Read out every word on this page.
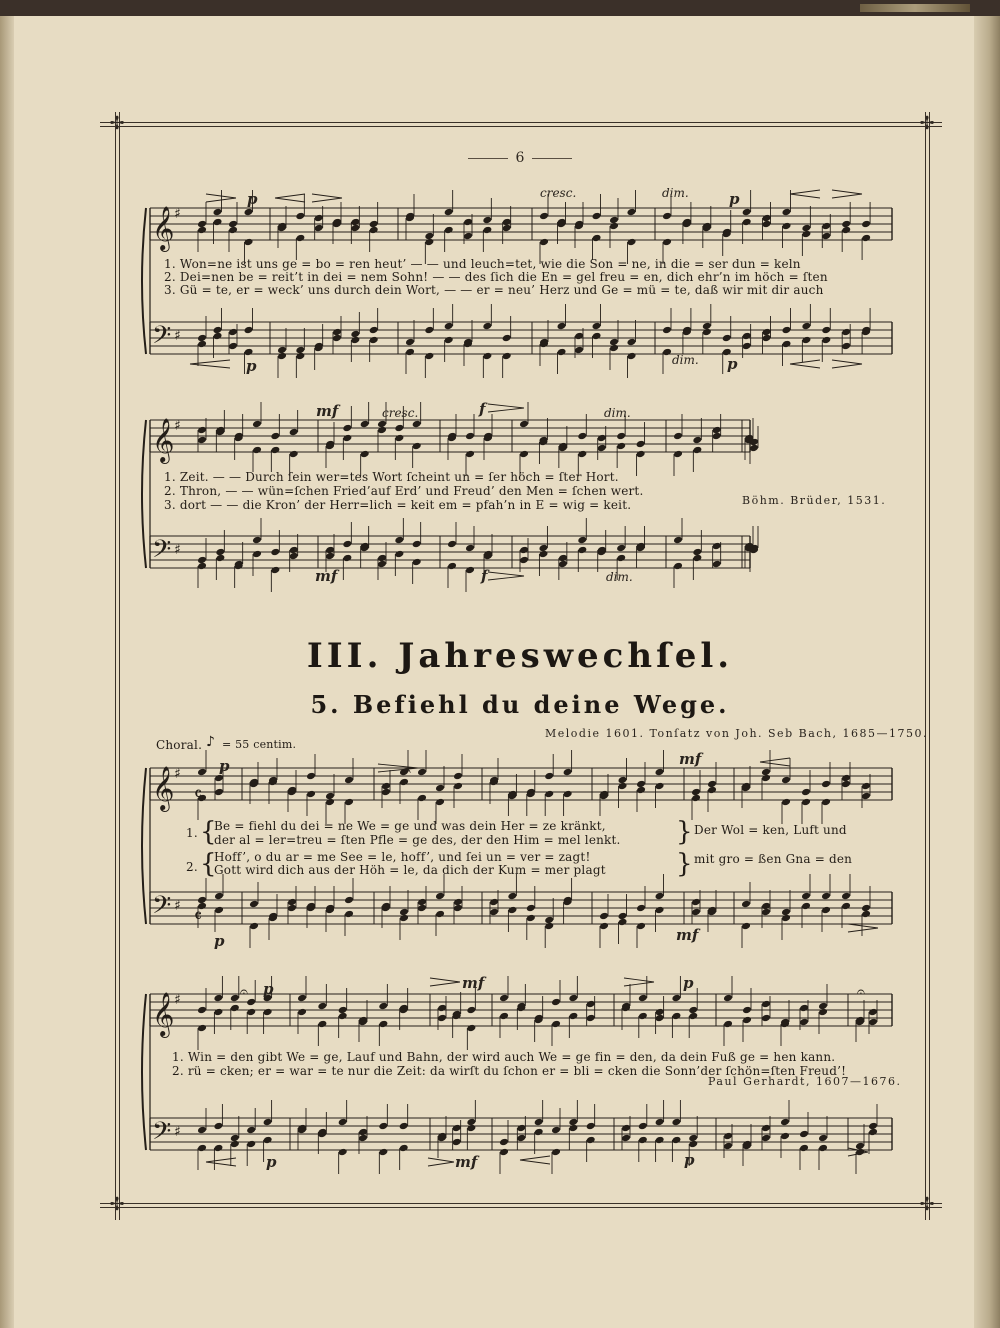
✢	✢
✢	✢
6
𝄞 ♯
𝄢 ♯
𝄞 ♯
𝄢 ♯
𝄞 ♯
𝄢 ♯
𝄴
𝄴
𝄐
𝄞 ♯
𝄢 ♯
𝄐	𝄐
cresc.	dim.
p	p
p	dim. p
1. Won=ne ist uns ge = bo = ren heut’ — — und leuch=tet, wie die Son = ne, in die = ser dun = keln
2. Dei=nen be = reit’t in dei = nem Sohn! — — des ſich die En = gel freu = en, dich ehr’n im höch = ſten
3. Gü = te, er = weck’ uns durch dein Wort, — — er = neu’ Herz und Ge = mü = te, daß wir mit dir auch
mf	cresc.	f	dim.
mf	f	dim.
1. Zeit. — — Durch ſein wer=tes Wort ſcheint un = ſer höch = ſter Hort.
2. Thron, — — wün=ſchen Fried’auf Erd’ und Freud’ den Men = ſchen wert.
3. dort — — die Kron’ der Herr=lich = keit em = pfah’n in E = wig = keit.	Böhm. Brüder, 1531.
III. Jahreswechſel.
5. Befiehl du deine Wege.
Choral. ♪ = 55 centim.
Melodie 1601. Tonſatz von Joh. Seb Bach, 1685—1750.
p	mf
p	mf
1.
2.
{
{
Be = fiehl du dei = ne We = ge und was dein Her = ze kränkt,
der al = ler=treu = ſten Pfle = ge des, der den Him = mel lenkt.
Hoff’, o du ar = me See = le, hoff’, und ſei un = ver = zagt!
Gott wird dich aus der Höh = le, da dich der Kum = mer plagt
}
}
Der Wol = ken, Luft und
mit gro = ßen Gna = den
mf
p	p
mf
p	p
1. Win = den gibt We = ge, Lauf und Bahn, der wird auch We = ge fin = den, da dein Fuß ge = hen kann.
2. rü = cken; er = war = te nur die Zeit: da wirſt du ſchon er = bli = cken die Sonn’der ſchön=ſten Freud’!
Paul Gerhardt, 1607—1676.
